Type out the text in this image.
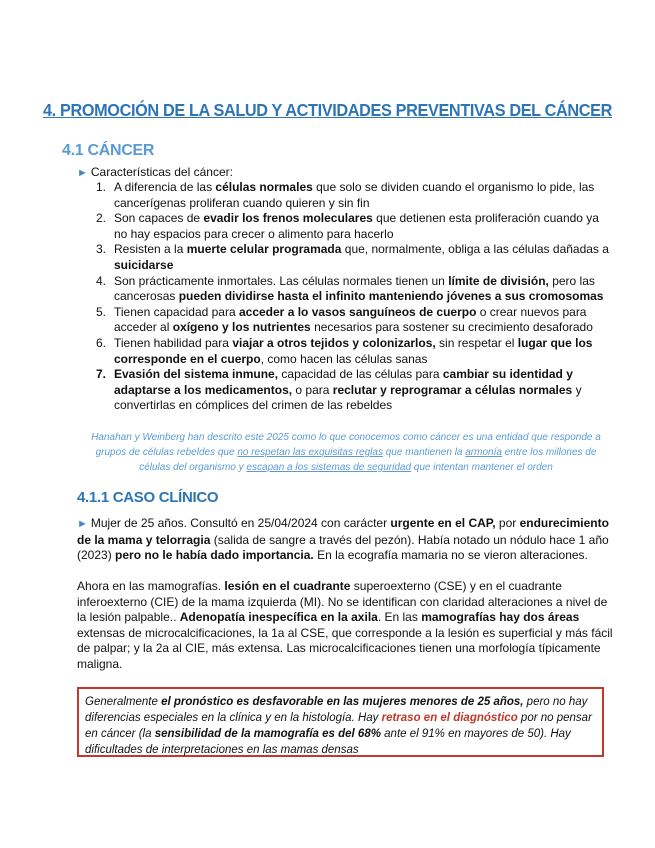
4. PROMOCIÓN DE LA SALUD Y ACTIVIDADES PREVENTIVAS DEL CÁNCER
4.1 CÁNCER
► Características del cáncer:
1. A diferencia de las células normales que solo se dividen cuando el organismo lo pide, las cancerígenas proliferan cuando quieren y sin fin
2. Son capaces de evadir los frenos moleculares que detienen esta proliferación cuando ya no hay espacios para crecer o alimento para hacerlo
3. Resisten a la muerte celular programada que, normalmente, obliga a las células dañadas a suicidarse
4. Son prácticamente inmortales. Las células normales tienen un límite de división, pero las cancerosas pueden dividirse hasta el infinito manteniendo jóvenes a sus cromosomas
5. Tienen capacidad para acceder a lo vasos sanguíneos de cuerpo o crear nuevos para acceder al oxígeno y los nutrientes necesarios para sostener su crecimiento desaforado
6. Tienen habilidad para viajar a otros tejidos y colonizarlos, sin respetar el lugar que los corresponde en el cuerpo, como hacen las células sanas
7. Evasión del sistema inmune, capacidad de las células para cambiar su identidad y adaptarse a los medicamentos, o para reclutar y reprogramar a células normales y convertirlas en cómplices del crimen de las rebeldes
Hanahan y Weinberg han descrito este 2025 como lo que conocemos como cáncer es una entidad que responde a grupos de células rebeldes que no respetan las exquisitas reglas que mantienen la armonía entre los millones de células del organismo y escapan a los sistemas de seguridad que intentan mantener el orden
4.1.1 CASO CLÍNICO
► Mujer de 25 años. Consultó en 25/04/2024 con carácter urgente en el CAP, por endurecimiento de la mama y telorragia (salida de sangre a través del pezón). Había notado un nódulo hace 1 año (2023) pero no le había dado importancia. En la ecografía mamaria no se vieron alteraciones.
Ahora en las mamografías. lesión en el cuadrante superoexterno (CSE) y en el cuadrante inferoexterno (CIE) de la mama izquierda (MI). No se identifican con claridad alteraciones a nivel de la lesión palpable.. Adenopatía inespecífica en la axila. En las mamografías hay dos áreas extensas de microcalcificaciones, la 1a al CSE, que corresponde a la lesión es superficial y más fácil de palpar; y la 2a al CIE, más extensa. Las microcalcificaciones tienen una morfología típicamente maligna.
Generalmente el pronóstico es desfavorable en las mujeres menores de 25 años, pero no hay diferencias especiales en la clínica y en la histología. Hay retraso en el diagnóstico por no pensar en cáncer (la sensibilidad de la mamografía es del 68% ante el 91% en mayores de 50). Hay dificultades de interpretaciones en las mamas densas
